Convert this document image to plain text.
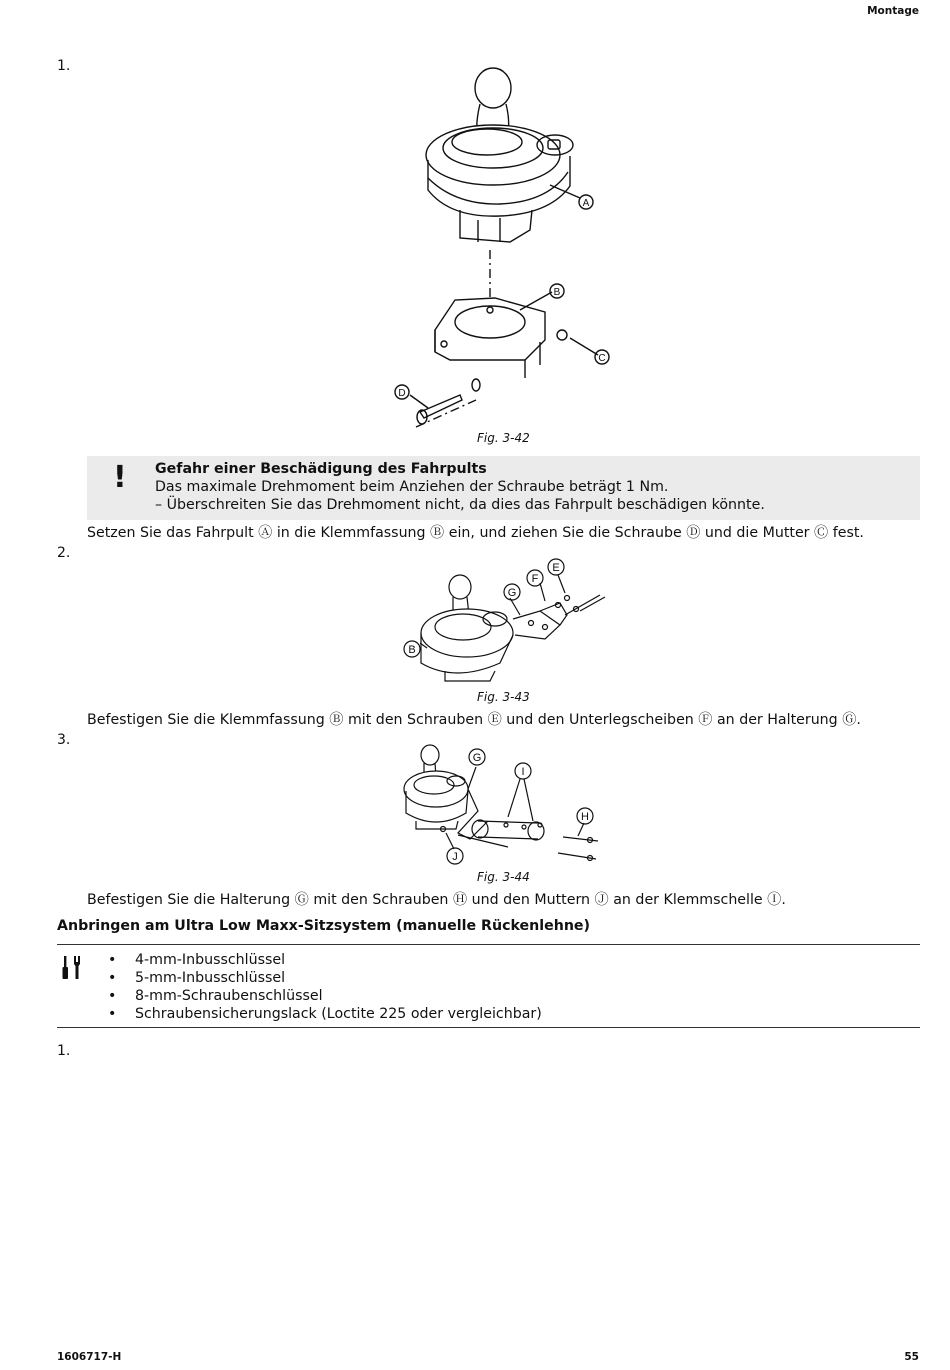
Montage
1.
2.
3.
1.
A
B
C
D
Fig. 3-42
! Gefahr einer Beschädigung des Fahrpults
Das maximale Drehmoment beim Anziehen der Schraube beträgt 1 Nm.
– Überschreiten Sie das Drehmoment nicht, da dies das Fahrpult beschädigen könnte.
Setzen Sie das Fahrpult Ⓐ in die Klemmfassung Ⓑ ein, und ziehen Sie die Schraube Ⓓ und die Mutter Ⓒ fest.
B
G
F
E
Fig. 3-43
Befestigen Sie die Klemmfassung Ⓑ mit den Schrauben Ⓔ und den Unterlegscheiben Ⓕ an der Halterung Ⓖ.
G
I
H
J
Fig. 3-44
Befestigen Sie die Halterung Ⓖ mit den Schrauben Ⓗ und den Muttern Ⓙ an der Klemmschelle Ⓘ.
Anbringen am Ultra Low Maxx-Sitzsystem (manuelle Rückenlehne)
• 4-mm-Inbusschlüssel
• 5-mm-Inbusschlüssel
• 8-mm-Schraubenschlüssel
• Schraubensicherungslack (Loctite 225 oder vergleichbar)
1606717-H	55
